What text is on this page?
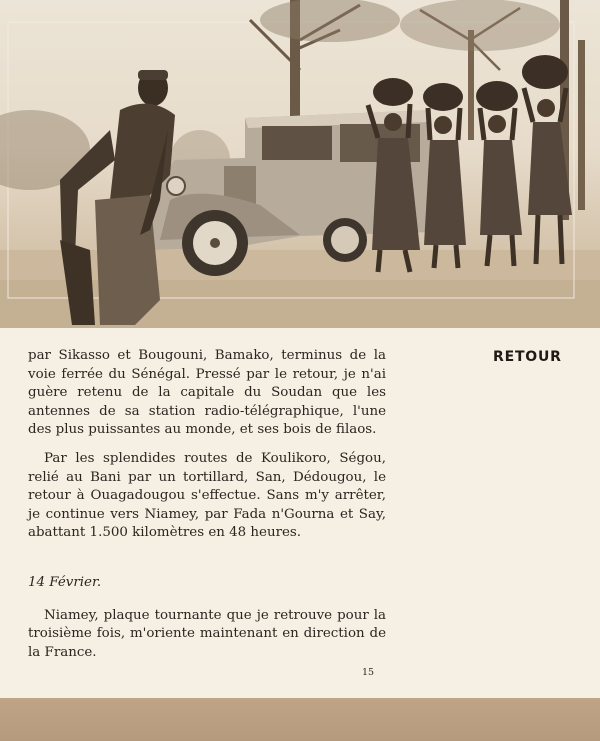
RETOUR

par Sikasso et Bougouni, Bamako, terminus de la voie ferrée du Sénégal. Pressé par le retour, je n'ai guère retenu de la capitale du Soudan que les antennes de sa station radio-télégraphique, l'une des plus puissantes au monde, et ses bois de filaos.

Par les splendides routes de Koulikoro, Ségou, relié au Bani par un tortillard, San, Dédougou, le retour à Ouagadougou s'effectue. Sans m'y arrêter, je continue vers Niamey, par Fada n'Gourna et Say, abattant 1.500 kilomètres en 48 heures.

14 Février.

Niamey, plaque tournante que je retrouve pour la troisième fois, m'oriente maintenant en direction de la France.

15
